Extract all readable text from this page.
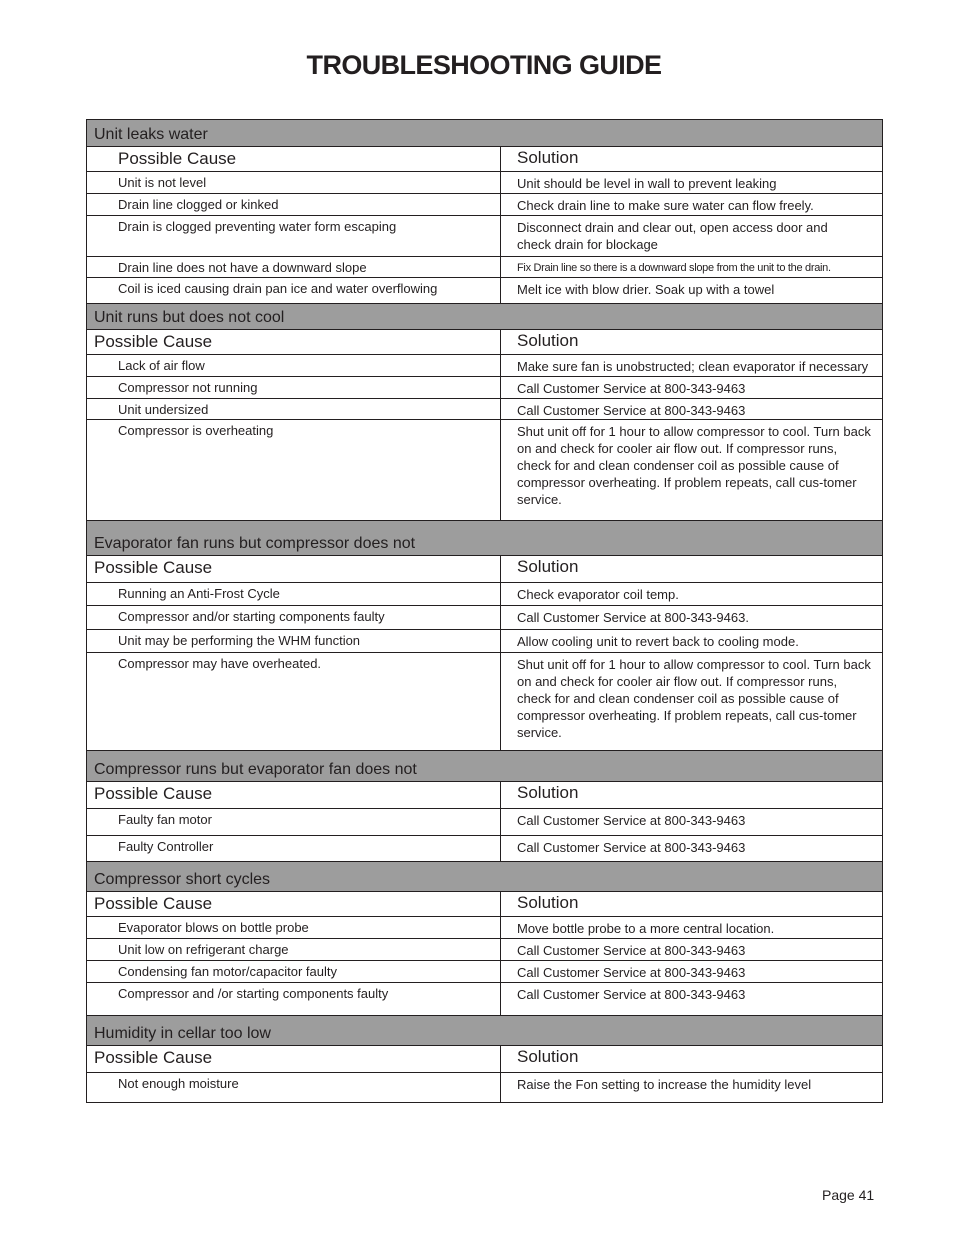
TROUBLESHOOTING GUIDE
Unit leaks water
Possible Cause	Solution
Unit is not level	Unit should be level in wall to prevent leaking
Drain line clogged or kinked	Check drain line to make sure water can flow freely.
Drain is clogged preventing water form escaping	Disconnect drain and clear out, open access door and
check drain for blockage
Drain line does not have a downward slope	Fix Drain line so there is a downward slope from the unit to the drain.
Coil is iced causing drain pan ice and water overflowing	Melt ice with blow drier. Soak up with a towel
Unit runs but does not cool
Possible Cause	Solution
Lack of air flow	Make sure fan is unobstructed; clean evaporator if necessary
Compressor not running	Call Customer Service at 800-343-9463
Unit undersized	Call Customer Service at 800-343-9463
Compressor is overheating	Shut unit off for 1 hour to allow compressor to cool. Turn back on and check for cooler air flow out. If compressor runs, check for and clean condenser coil as possible cause of compressor overheating. If problem repeats, call cus-tomer service.
Evaporator fan runs but compressor does not
Possible Cause	Solution
Running an Anti-Frost Cycle	Check evaporator coil temp.
Compressor and/or starting components faulty	Call Customer Service at 800-343-9463.
Unit may be performing the WHM function	Allow cooling unit to revert back to cooling mode.
Compressor may have overheated.	Shut unit off for 1 hour to allow compressor to cool. Turn back on and check for cooler air flow out. If compressor runs, check for and clean condenser coil as possible cause of compressor overheating. If problem repeats, call cus-tomer service.
Compressor runs but evaporator fan does not
Possible Cause	Solution
Faulty fan motor	Call Customer Service at 800-343-9463
Faulty Controller	Call Customer Service at 800-343-9463
Compressor short cycles
Possible Cause	Solution
Evaporator blows on bottle probe	Move bottle probe to a more central location.
Unit low on refrigerant charge	Call Customer Service at 800-343-9463
Condensing fan motor/capacitor faulty	Call Customer Service at 800-343-9463
Compressor and /or starting components faulty	Call Customer Service at 800-343-9463
Humidity in cellar too low
Possible Cause	Solution
Not enough moisture	Raise the Fon setting to increase the humidity level
Page 41
